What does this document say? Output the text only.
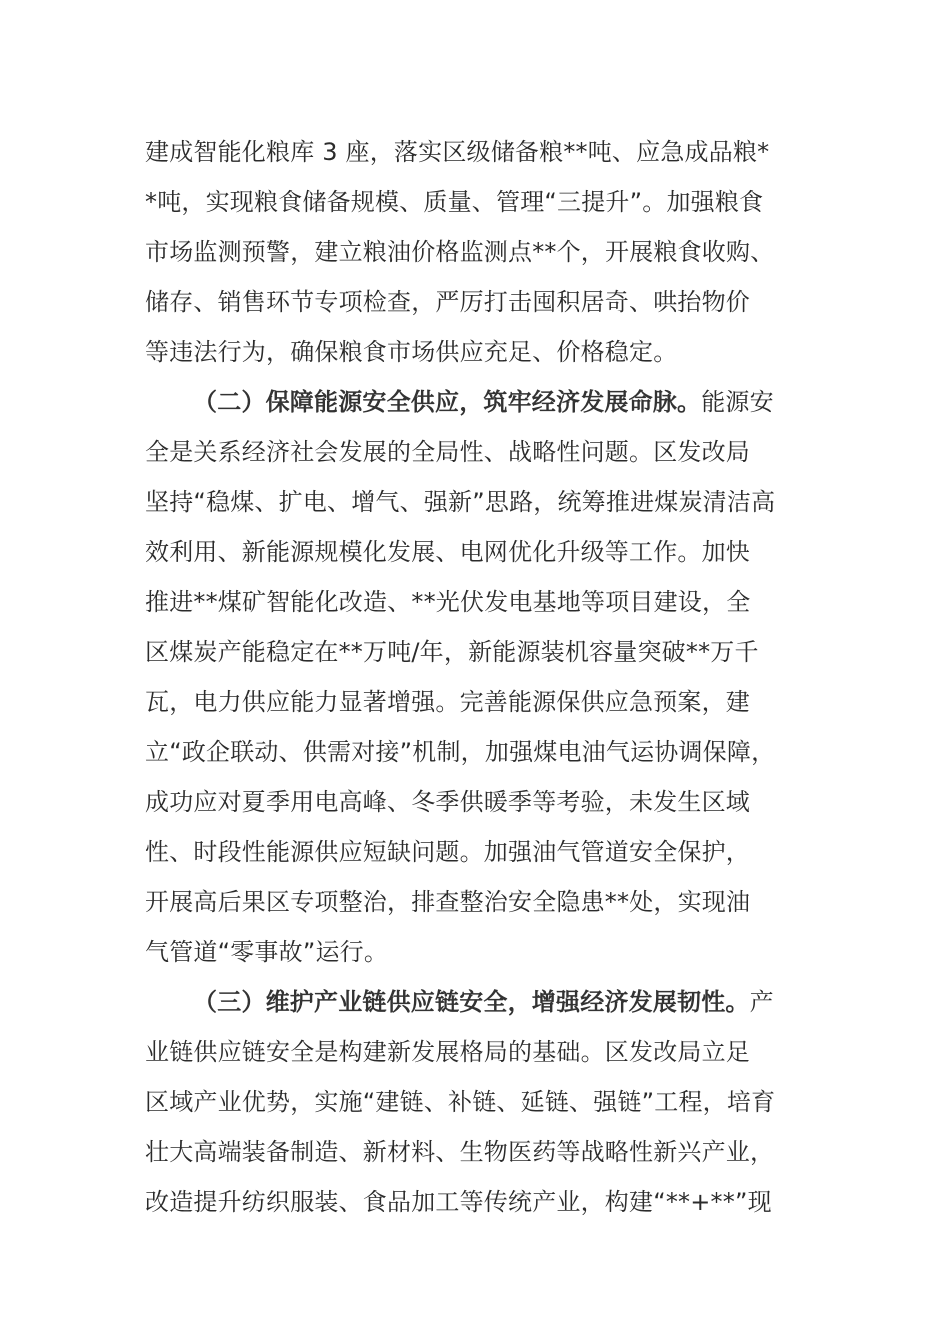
建成智能化粮库 3 座，落实区级储备粮**吨、应急成品粮*
*吨，实现粮食储备规模、质量、管理“三提升”。加强粮食
市场监测预警，建立粮油价格监测点**个，开展粮食收购、
储存、销售环节专项检查，严厉打击囤积居奇、哄抬物价
等违法行为，确保粮食市场供应充足、价格稳定。
（二）保障能源安全供应，筑牢经济发展命脉。能源安
全是关系经济社会发展的全局性、战略性问题。区发改局
坚持“稳煤、扩电、增气、强新”思路，统筹推进煤炭清洁高
效利用、新能源规模化发展、电网优化升级等工作。加快
推进**煤矿智能化改造、**光伏发电基地等项目建设，全
区煤炭产能稳定在**万吨/年，新能源装机容量突破**万千
瓦，电力供应能力显著增强。完善能源保供应急预案，建
立“政企联动、供需对接”机制，加强煤电油气运协调保障，
成功应对夏季用电高峰、冬季供暖季等考验，未发生区域
性、时段性能源供应短缺问题。加强油气管道安全保护，
开展高后果区专项整治，排查整治安全隐患**处，实现油
气管道“零事故”运行。
（三）维护产业链供应链安全，增强经济发展韧性。产
业链供应链安全是构建新发展格局的基础。区发改局立足
区域产业优势，实施“建链、补链、延链、强链”工程，培育
壮大高端装备制造、新材料、生物医药等战略性新兴产业，
改造提升纺织服装、食品加工等传统产业，构建“**+**”现
